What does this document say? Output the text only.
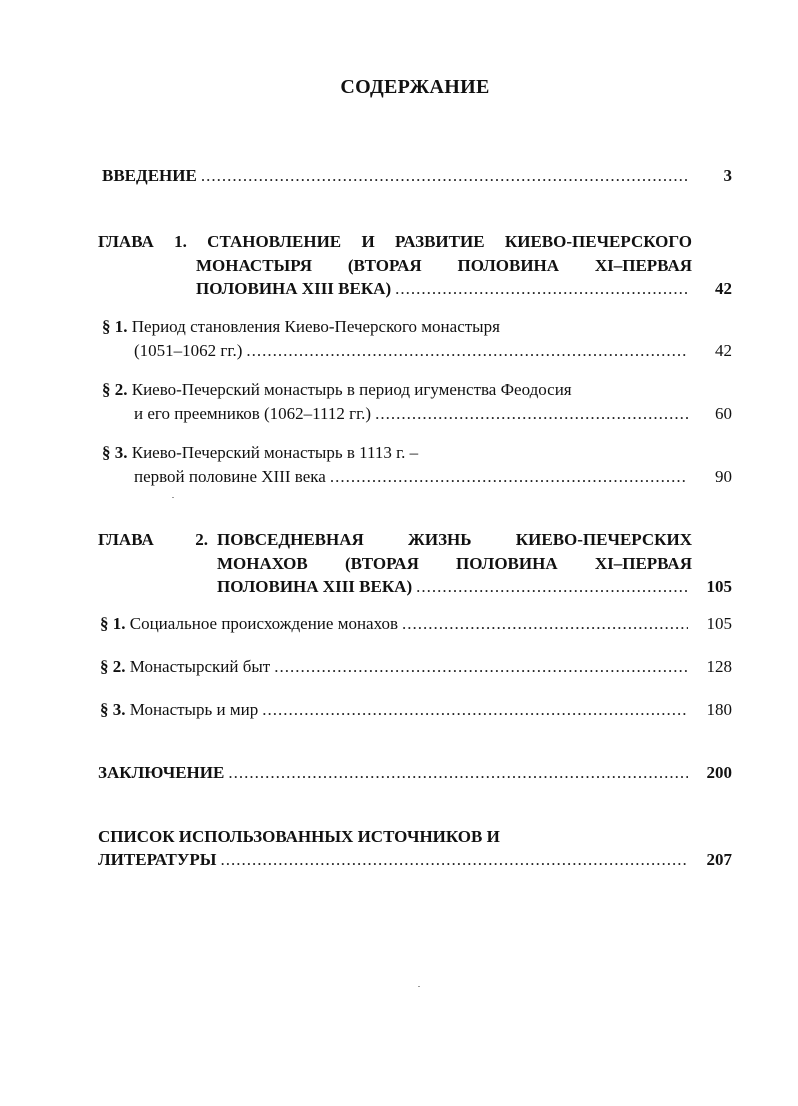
СОДЕРЖАНИЕ
ВВЕДЕНИЕ .....	3
ГЛАВА 1. СТАНОВЛЕНИЕ И РАЗВИТИЕ КИЕВО-ПЕЧЕРСКОГО
МОНАСТЫРЯ (ВТОРАЯ ПОЛОВИНА XI–ПЕРВАЯ
ПОЛОВИНА XIII ВЕКА) .....	42
§ 1.
Период становления Киево-Печерского монастыря
(1051–1062 гг.) .....	42
§ 2.
Киево-Печерский монастырь в период игуменства Феодосия
и его преемников (1062–1112 гг.) .....	60
§ 3.
Киево-Печерский монастырь в 1113 г. –
первой половине XIII века .....	90
ГЛАВА 2. ПОВСЕДНЕВНАЯ ЖИЗНЬ КИЕВО-ПЕЧЕРСКИХ
МОНАХОВ (ВТОРАЯ ПОЛОВИНА XI–ПЕРВАЯ
ПОЛОВИНА XIII ВЕКА) .....	105
§ 1.
Социальное происхождение монахов .....	105
§ 2.
Монастырский быт .....	128
§ 3.
Монастырь и мир .....	180
ЗАКЛЮЧЕНИЕ .....	200
СПИСОК ИСПОЛЬЗОВАННЫХ ИСТОЧНИКОВ И
ЛИТЕРАТУРЫ .....	207
